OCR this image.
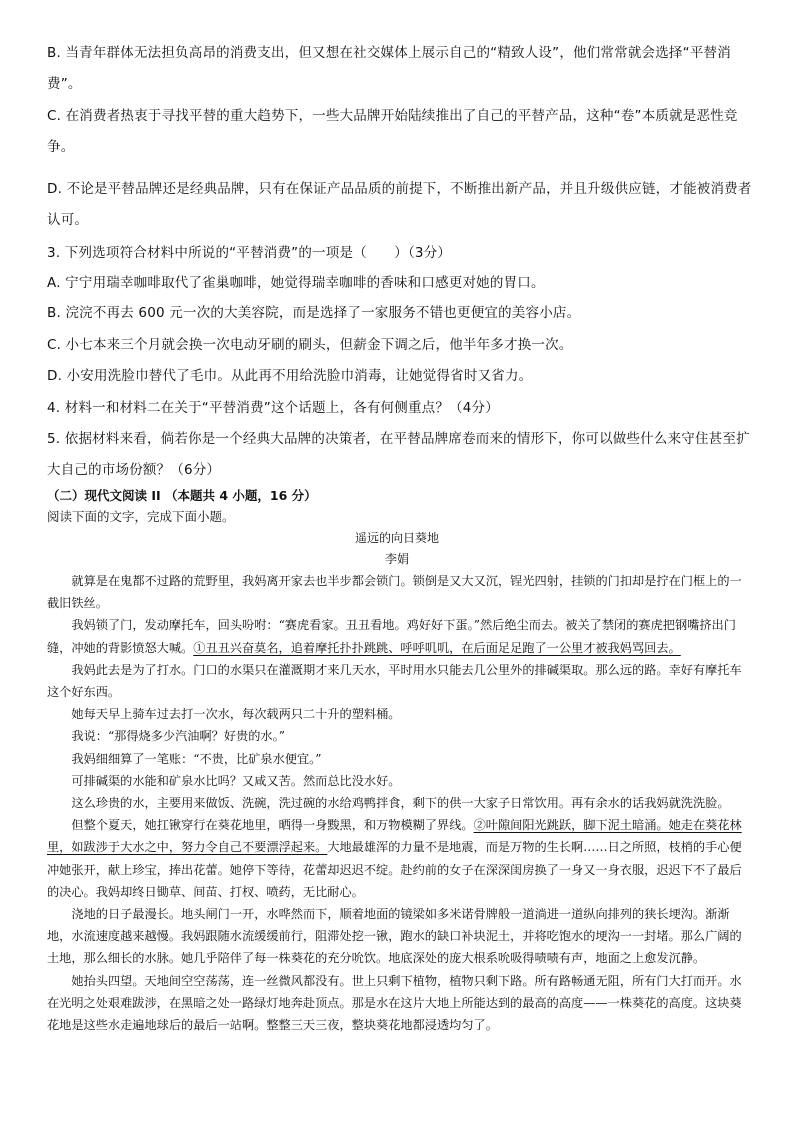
B. 当青年群体无法担负高昂的消费支出，但又想在社交媒体上展示自己的“精致人设”，他们常常就会选择“平替消费”。
C. 在消费者热衷于寻找平替的重大趋势下，一些大品牌开始陆续推出了自己的平替产品，这种“卷”本质就是恶性竞争。
D. 不论是平替品牌还是经典品牌，只有在保证产品品质的前提下，不断推出新产品，并且升级供应链，才能被消费者认可。
3. 下列选项符合材料中所说的“平替消费”的一项是（　　）（3分）
A. 宁宁用瑞幸咖啡取代了雀巢咖啡，她觉得瑞幸咖啡的香味和口感更对她的胃口。
B. 浣浣不再去 600 元一次的大美容院，而是选择了一家服务不错也更便宜的美容小店。
C. 小七本来三个月就会换一次电动牙刷的刷头，但薪金下调之后，他半年多才换一次。
D. 小安用洗脸巾替代了毛巾。从此再不用给洗脸巾消毒，让她觉得省时又省力。
4. 材料一和材料二在关于“平替消费”这个话题上，各有何侧重点？（4分）
5. 依据材料来看，倘若你是一个经典大品牌的决策者，在平替品牌席卷而来的情形下，你可以做些什么来守住甚至扩大自己的市场份额？（6分）
（二）现代文阅读 II （本题共 4 小题，16 分）
阅读下面的文字，完成下面小题。
遥远的向日葵地
李娟

就算是在鬼都不过路的荒野里，我妈离开家去也半步都会锁门。锁倒是又大又沉，锃光四射，挂锁的门扣却是拧在门框上的一截旧铁丝。

我妈锁了门，发动摩托车，回头吩咐：“赛虎看家。丑丑看地。鸡好好下蛋。”然后绝尘而去。被关了禁闭的赛虎把钢嘴挤出门缝，冲她的背影愤怒大喊。①丑丑兴奋莫名，追着摩托扑扑跳跳、呼呼叽叽，在后面足足跑了一公里才被我妈骂回去。

我妈此去是为了打水。门口的水渠只在灌溉期才来几天水，平时用水只能去几公里外的排碱渠取。那么远的路。幸好有摩托车这个好东西。

她每天早上骑车过去打一次水，每次载两只二十升的塑料桶。

我说：“那得烧多少汽油啊？好贵的水。”

我妈细细算了一笔账：“不贵，比矿泉水便宜。”

可排碱渠的水能和矿泉水比吗？又咸又苦。然而总比没水好。

这么珍贵的水，主要用来做饭、洗碗，洗过碗的水给鸡鸭拌食，剩下的供一大家子日常饮用。再有余水的话我妈就洗洗脸。

但整个夏天，她扛锹穿行在葵花地里，晒得一身黢黑，和万物模糊了界线。②叶隙间阳光跳跃，脚下泥土暗涌。她走在葵花林里，如跋涉于大水之中，努力令自己不要漂浮起来。大地最雄浑的力量不是地震，而是万物的生长啊……日之所照，枝梢的手心便冲她张开，献上珍宝，捧出花蕾。她停下等待，花蕾却迟迟不绽。赴约前的女子在深深闺房换了一身又一身衣服，迟迟下不了最后的决心。我妈却终日锄草、间苗、打杈、喷药，无比耐心。

浇地的日子最漫长。地头闸门一开，水哗然而下，顺着地面的镜梁如多米诺骨牌般一道淌进一道纵向排列的狭长埂沟。渐渐地，水流速度越来越慢。我妈跟随水流缓缓前行，阻滞处挖一锹，跑水的缺口补块泥土，并将吃饱水的埂沟一一封堵。那么广阔的土地，那么细长的水脉。她几乎陪伴了每一株葵花的充分吮饮。地底深处的庞大根系吮吸得啧啧有声，地面之上愈发沉静。

她抬头四望。天地间空空荡荡，连一丝微风都没有。世上只剩下植物，植物只剩下路。所有路畅通无阻，所有门大打而开。水在光明之处艰难跋涉，在黑暗之处一路绿灯地奔赴顶点。那是水在这片大地上所能达到的最高的高度——一株葵花的高度。这块葵花地是这些水走遍地球后的最后一站啊。整整三天三夜，整块葵花地都浸透均匀了。
